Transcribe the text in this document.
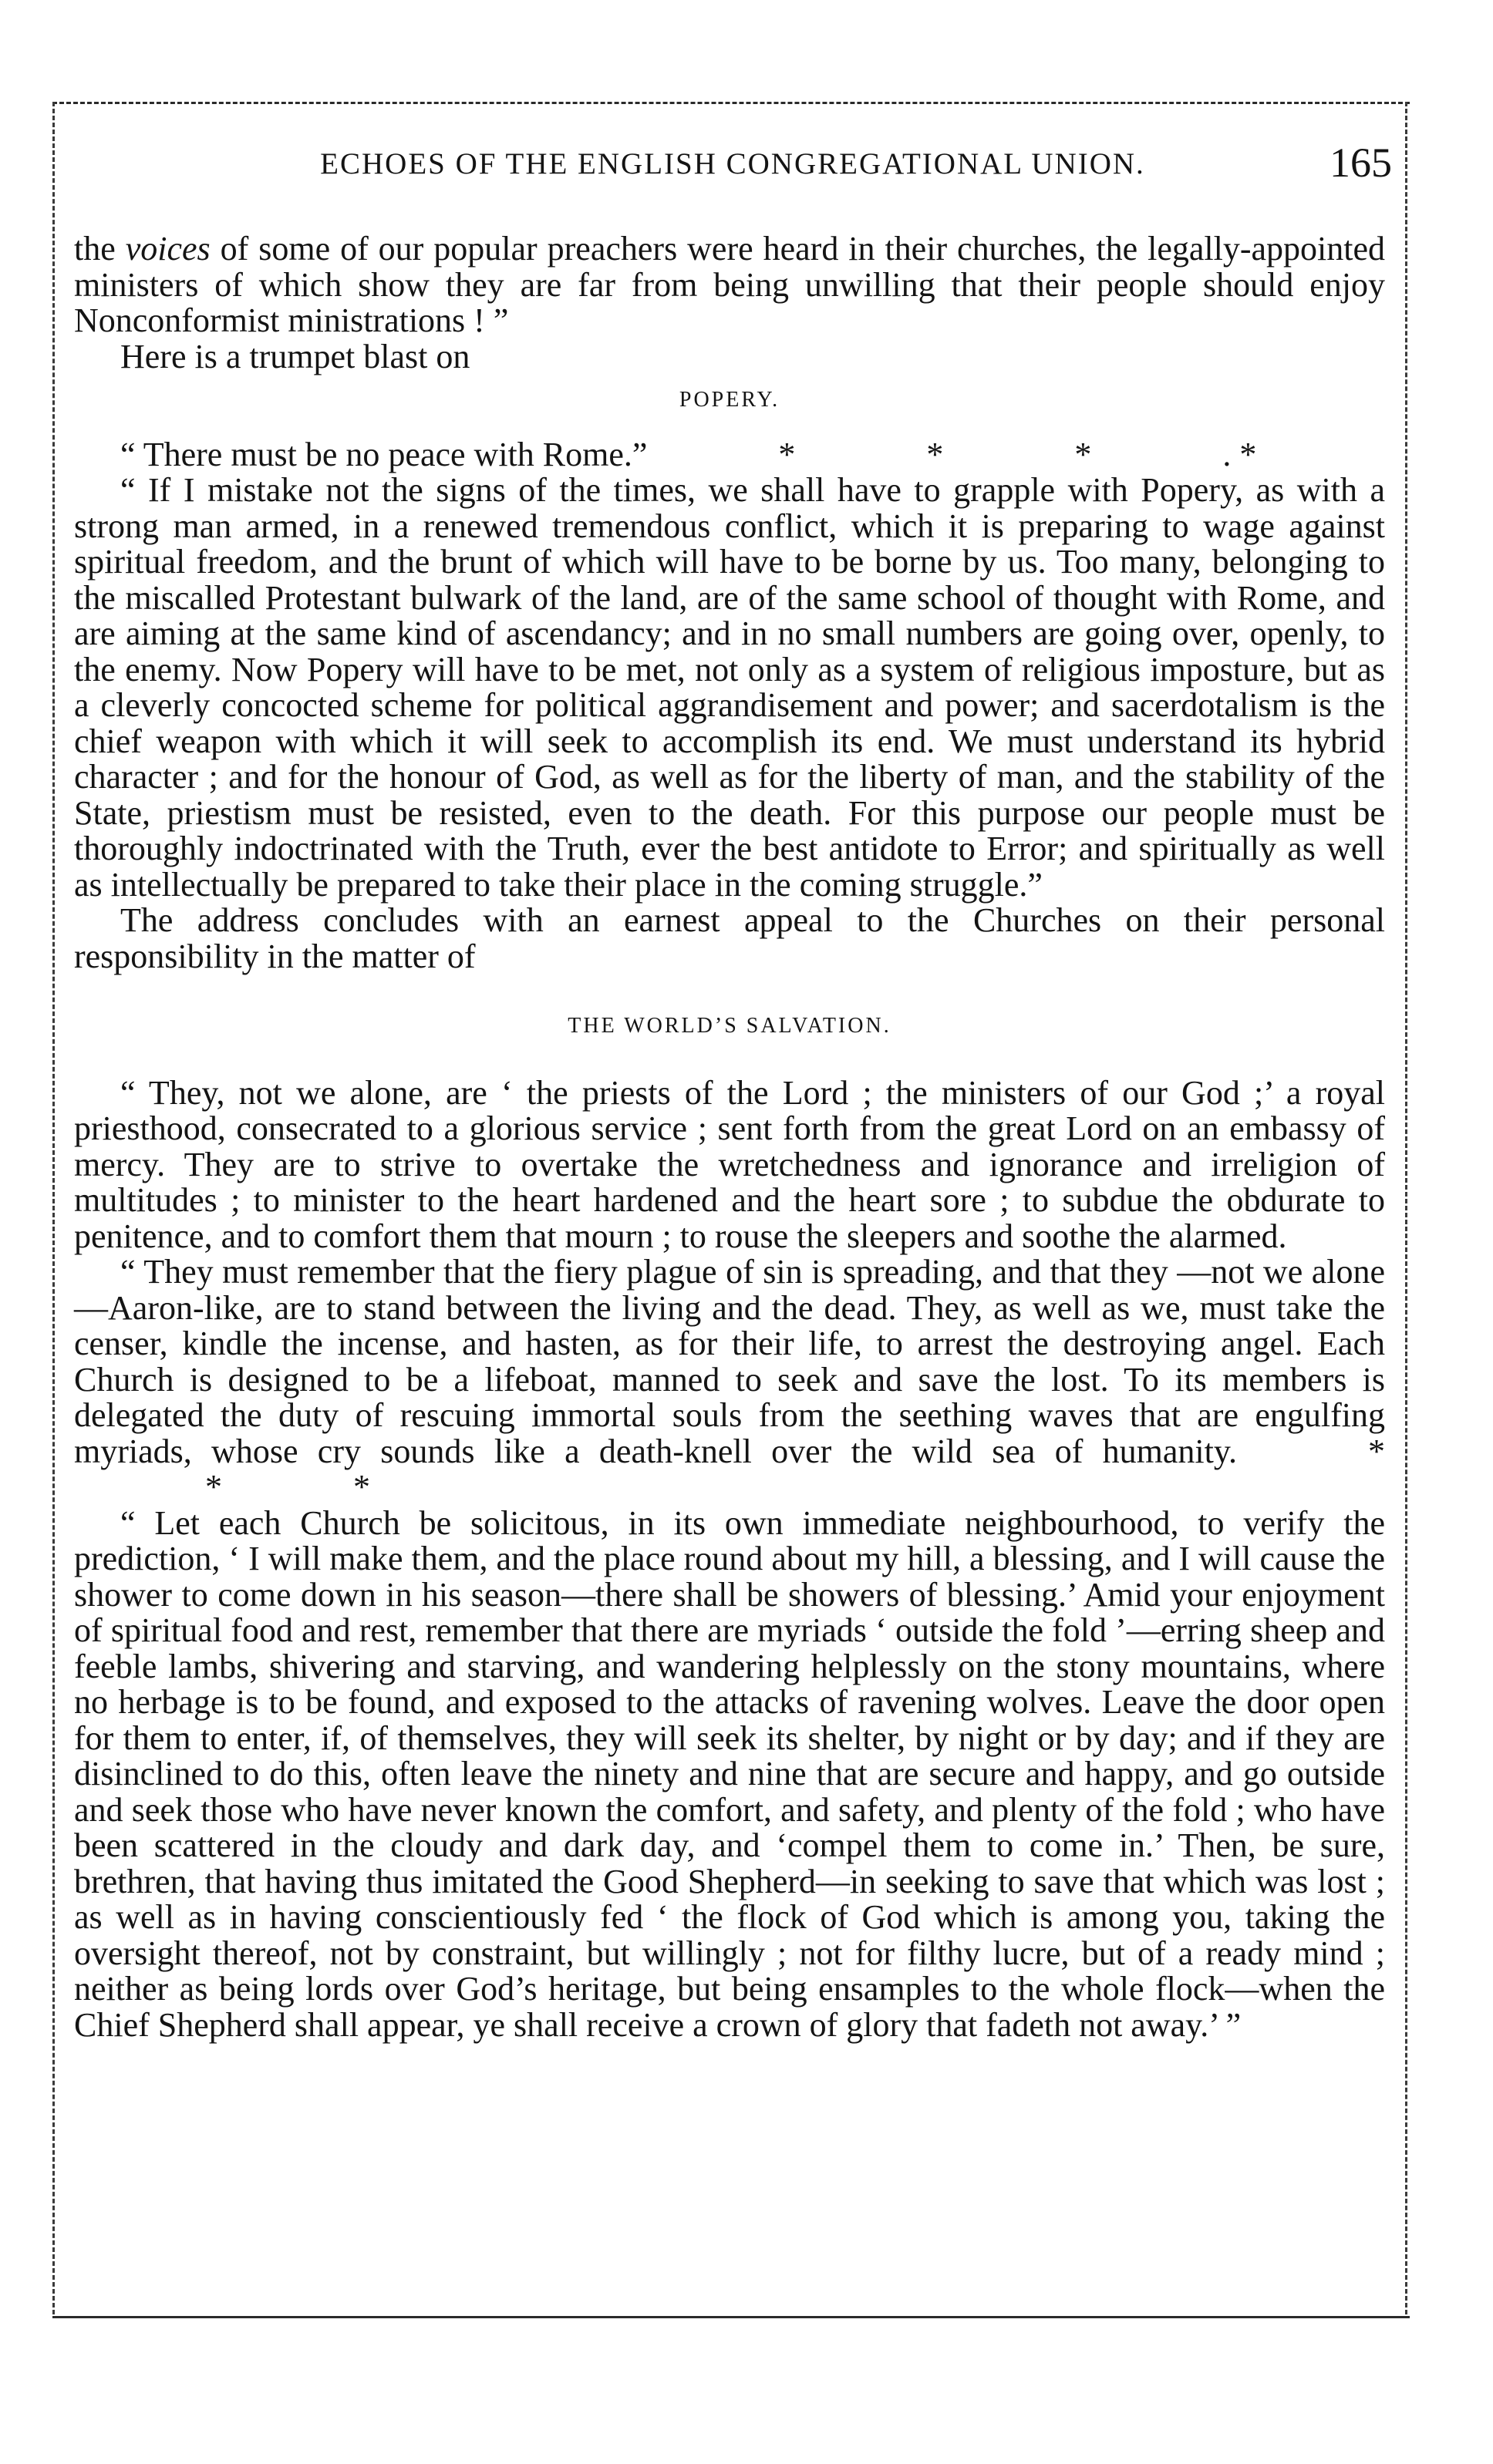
ECHOES OF THE ENGLISH CONGREGATIONAL UNION.	165

the voices of some of our popular preachers were heard in their churches, the legally-appointed ministers of which show they are far from being unwilling that their people should enjoy Nonconformist ministrations ! ”

Here is a trumpet blast on

POPERY.

“ There must be no peace with Rome.”	*	*	*	. *

“ If I mistake not the signs of the times, we shall have to grapple with Popery, as with a strong man armed, in a renewed tremendous conflict, which it is preparing to wage against spiritual freedom, and the brunt of which will have to be borne by us. Too many, belonging to the miscalled Protestant bulwark of the land, are of the same school of thought with Rome, and are aiming at the same kind of ascendancy; and in no small numbers are going over, openly, to the enemy. Now Popery will have to be met, not only as a system of religious imposture, but as a cleverly concocted scheme for political aggrandisement and power; and sacerdotalism is the chief weapon with which it will seek to accomplish its end. We must understand its hybrid character ; and for the honour of God, as well as for the liberty of man, and the stability of the State, priestism must be resisted, even to the death. For this purpose our people must be thoroughly indoctrinated with the Truth, ever the best antidote to Error; and spiritually as well as intellectually be prepared to take their place in the coming struggle.”

The address concludes with an earnest appeal to the Churches on their personal responsibility in the matter of

THE WORLD’S SALVATION.

“ They, not we alone, are ‘ the priests of the Lord ; the ministers of our God ;’ a royal priesthood, consecrated to a glorious service ; sent forth from the great Lord on an embassy of mercy. They are to strive to overtake the wretchedness and ignorance and irreligion of multitudes ; to minister to the heart hardened and the heart sore ; to subdue the obdurate to penitence, and to comfort them that mourn ; to rouse the sleepers and soothe the alarmed.

“ They must remember that the fiery plague of sin is spreading, and that they —not we alone—Aaron-like, are to stand between the living and the dead. They, as well as we, must take the censer, kindle the incense, and hasten, as for their life, to arrest the destroying angel. Each Church is designed to be a lifeboat, manned to seek and save the lost. To its members is delegated the duty of rescuing immortal souls from the seething waves that are engulfing myriads, whose cry sounds like a death-knell over the wild sea of humanity.	**	*

“ Let each Church be solicitous, in its own immediate neighbourhood, to verify the prediction, ‘ I will make them, and the place round about my hill, a blessing, and I will cause the shower to come down in his season—there shall be showers of blessing.’ Amid your enjoyment of spiritual food and rest, remember that there are myriads ‘ outside the fold ’—erring sheep and feeble lambs, shivering and starving, and wandering helplessly on the stony mountains, where no herbage is to be found, and exposed to the attacks of ravening wolves. Leave the door open for them to enter, if, of themselves, they will seek its shelter, by night or by day; and if they are disinclined to do this, often leave the ninety and nine that are secure and happy, and go outside and seek those who have never known the comfort, and safety, and plenty of the fold ; who have been scattered in the cloudy and dark day, and ‘compel them to come in.’ Then, be sure, brethren, that having thus imitated the Good Shepherd—in seeking to save that which was lost ; as well as in having conscientiously fed ‘ the flock of God which is among you, taking the oversight thereof, not by constraint, but willingly ; not for filthy lucre, but of a ready mind ; neither as being lords over God’s heritage, but being ensamples to the whole flock—when the Chief Shepherd shall appear, ye shall receive a crown of glory that fadeth not away.’ ”
